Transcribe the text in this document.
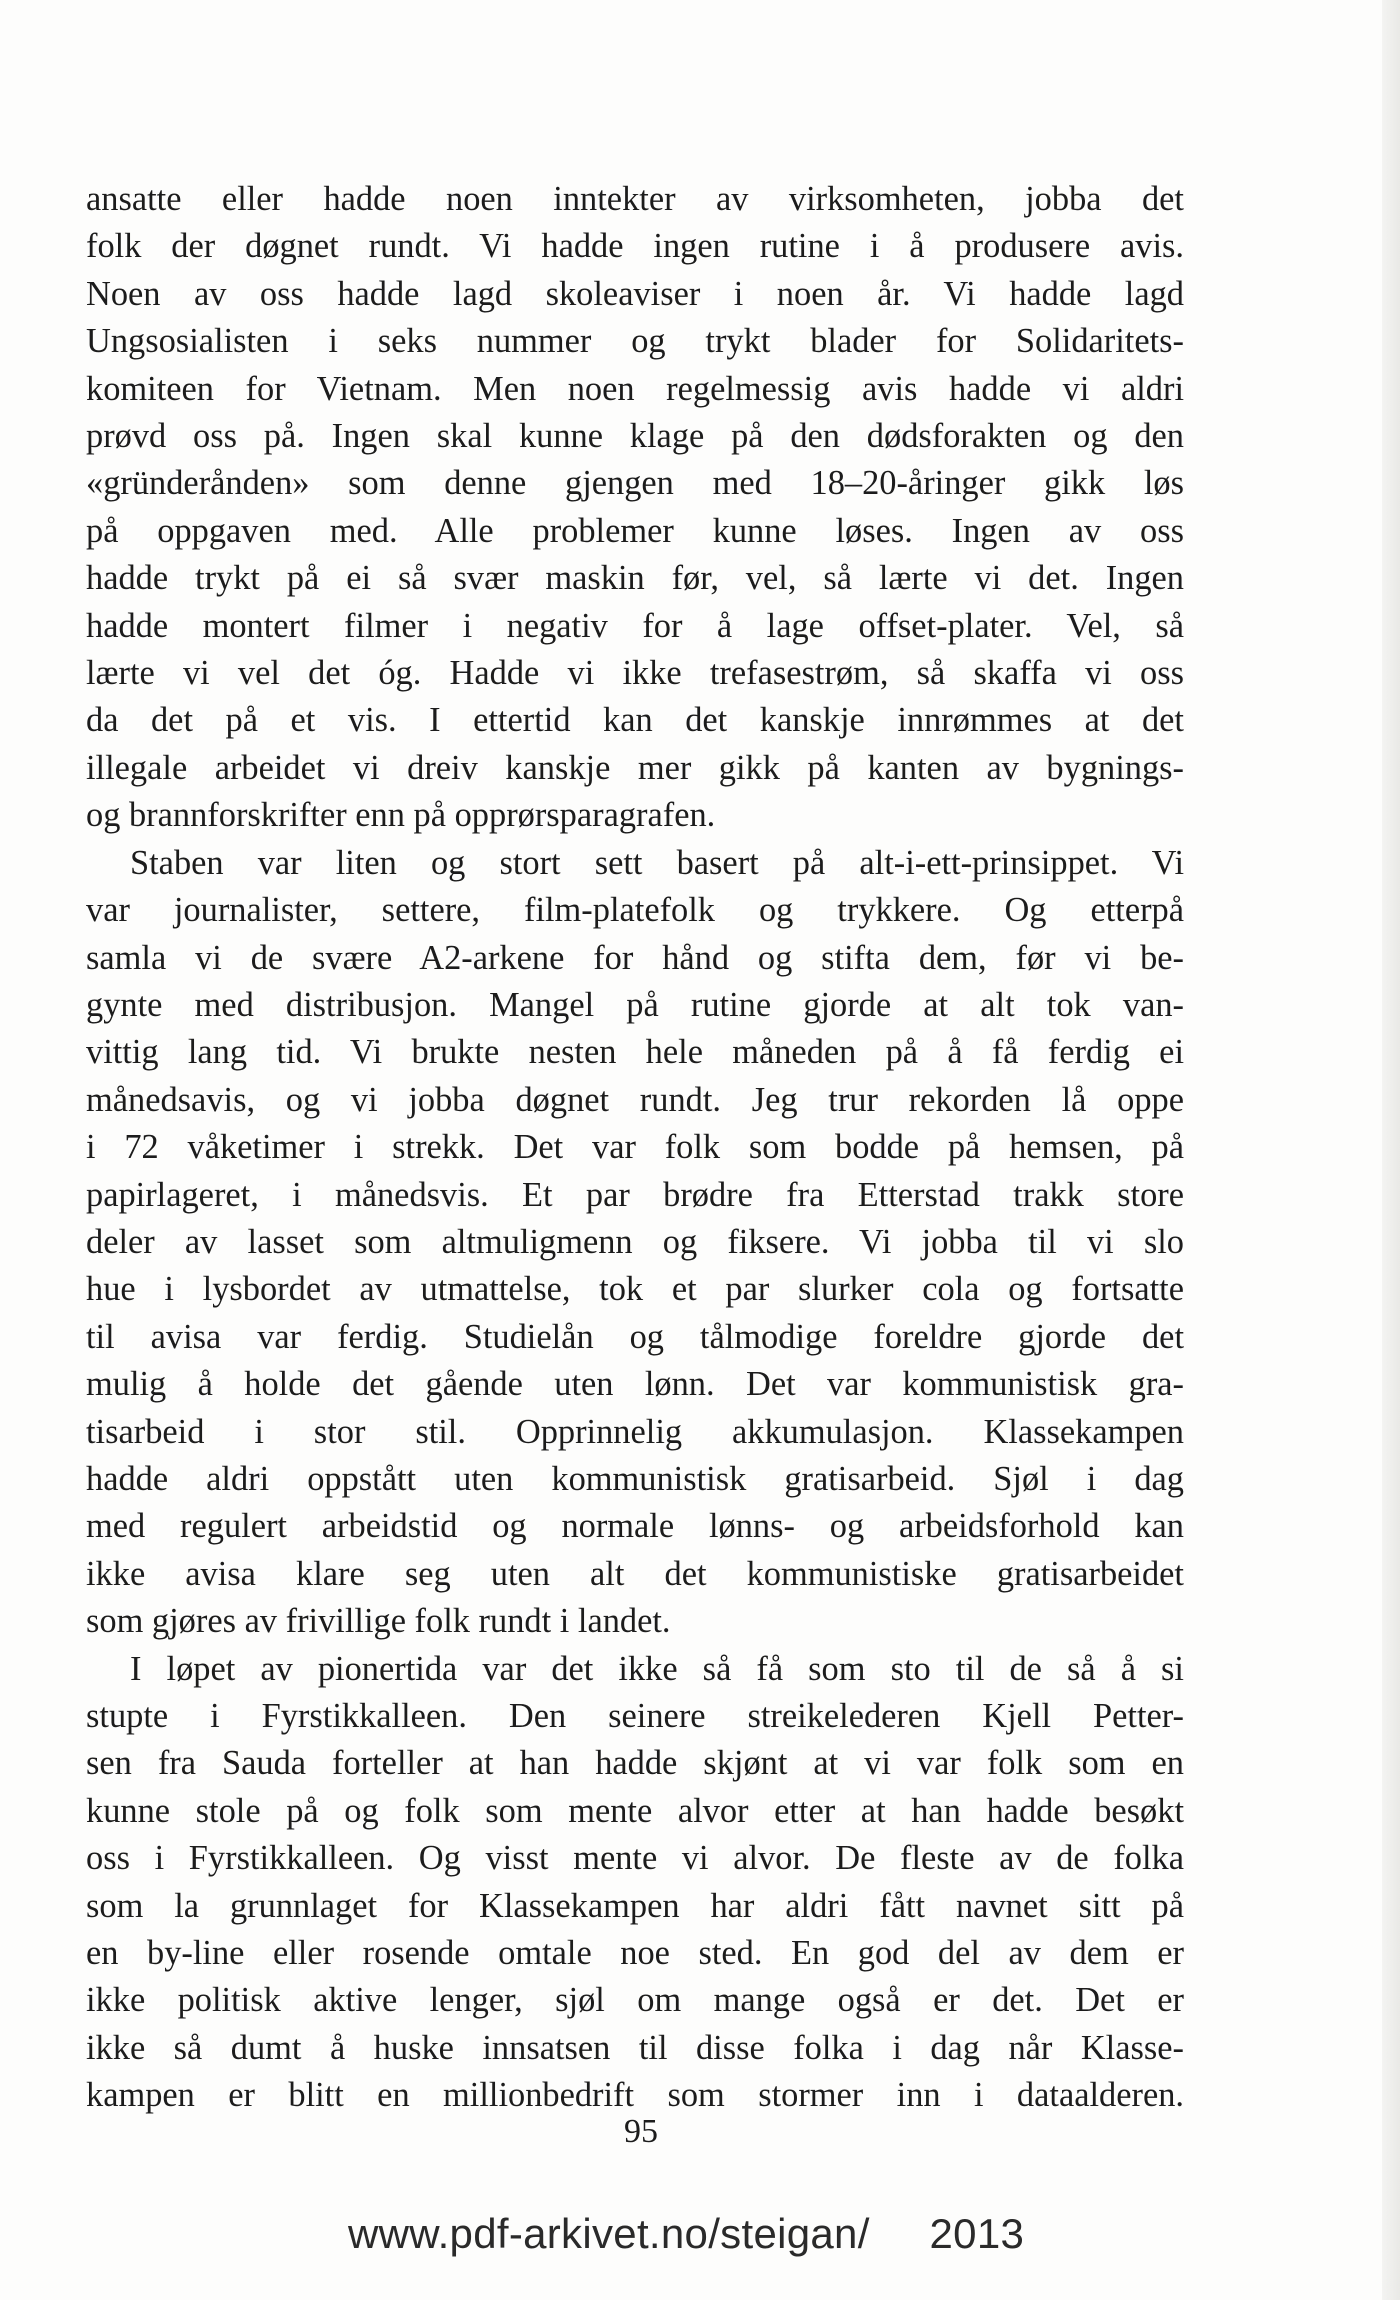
ansatte eller hadde noen inntekter av virksomheten, jobba det
folk der døgnet rundt. Vi hadde ingen rutine i å produsere avis.
Noen av oss hadde lagd skoleaviser i noen år. Vi hadde lagd
Ungsosialisten i seks nummer og trykt blader for Solidaritets-
komiteen for Vietnam. Men noen regelmessig avis hadde vi aldri
prøvd oss på. Ingen skal kunne klage på den dødsforakten og den
«gründerånden» som denne gjengen med 18–20-åringer gikk løs
på oppgaven med. Alle problemer kunne løses. Ingen av oss
hadde trykt på ei så svær maskin før, vel, så lærte vi det. Ingen
hadde montert filmer i negativ for å lage offset-plater. Vel, så
lærte vi vel det óg. Hadde vi ikke trefasestrøm, så skaffa vi oss
da det på et vis. I ettertid kan det kanskje innrømmes at det
illegale arbeidet vi dreiv kanskje mer gikk på kanten av bygnings-
og brannforskrifter enn på opprørsparagrafen.
Staben var liten og stort sett basert på alt-i-ett-prinsippet. Vi
var journalister, settere, film-platefolk og trykkere. Og etterpå
samla vi de svære A2-arkene for hånd og stifta dem, før vi be-
gynte med distribusjon. Mangel på rutine gjorde at alt tok van-
vittig lang tid. Vi brukte nesten hele måneden på å få ferdig ei
månedsavis, og vi jobba døgnet rundt. Jeg trur rekorden lå oppe
i 72 våketimer i strekk. Det var folk som bodde på hemsen, på
papirlageret, i månedsvis. Et par brødre fra Etterstad trakk store
deler av lasset som altmuligmenn og fiksere. Vi jobba til vi slo
hue i lysbordet av utmattelse, tok et par slurker cola og fortsatte
til avisa var ferdig. Studielån og tålmodige foreldre gjorde det
mulig å holde det gående uten lønn. Det var kommunistisk gra-
tisarbeid i stor stil. Opprinnelig akkumulasjon. Klassekampen
hadde aldri oppstått uten kommunistisk gratisarbeid. Sjøl i dag
med regulert arbeidstid og normale lønns- og arbeidsforhold kan
ikke avisa klare seg uten alt det kommunistiske gratisarbeidet
som gjøres av frivillige folk rundt i landet.
I løpet av pionertida var det ikke så få som sto til de så å si
stupte i Fyrstikkalleen. Den seinere streikelederen Kjell Petter-
sen fra Sauda forteller at han hadde skjønt at vi var folk som en
kunne stole på og folk som mente alvor etter at han hadde besøkt
oss i Fyrstikkalleen. Og visst mente vi alvor. De fleste av de folka
som la grunnlaget for Klassekampen har aldri fått navnet sitt på
en by-line eller rosende omtale noe sted. En god del av dem er
ikke politisk aktive lenger, sjøl om mange også er det. Det er
ikke så dumt å huske innsatsen til disse folka i dag når Klasse-
kampen er blitt en millionbedrift som stormer inn i dataalderen.
95
www.pdf-arkivet.no/steigan/     2013
